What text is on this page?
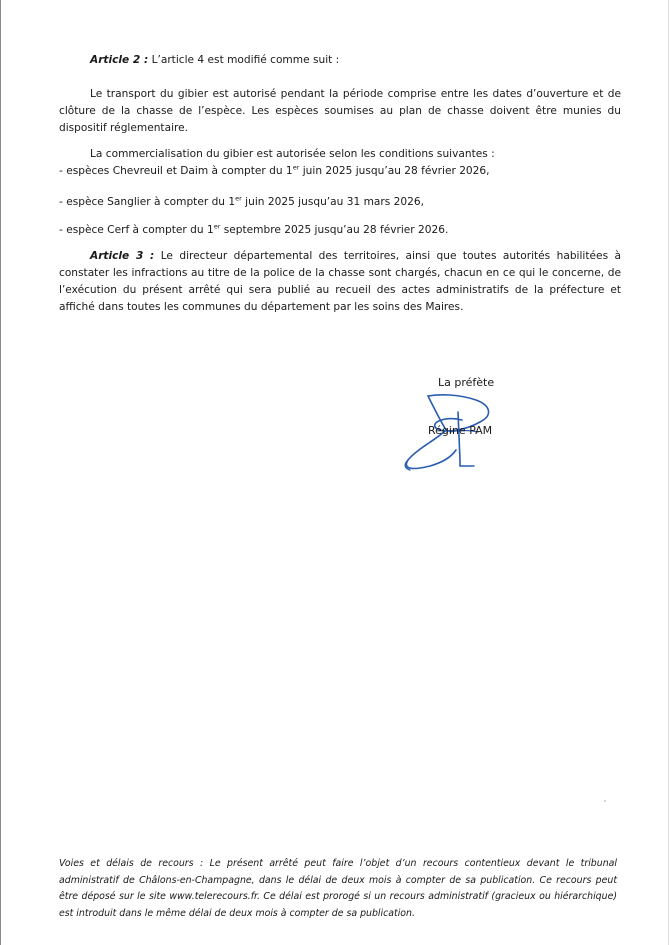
Article 2 : L’article 4 est modifié comme suit :

Le transport du gibier est autorisé pendant la période comprise entre les dates d’ouverture et de clôture de la chasse de l’espèce. Les espèces soumises au plan de chasse doivent être munies du dispositif réglementaire.

La commercialisation du gibier est autorisée selon les conditions suivantes :

- espèces Chevreuil et Daim à compter du 1er juin 2025 jusqu’au 28 février 2026,

- espèce Sanglier à compter du 1er juin 2025 jusqu’au 31 mars 2026,

- espèce Cerf à compter du 1er septembre 2025 jusqu’au 28 février 2026.

Article 3 : Le directeur départemental des territoires, ainsi que toutes autorités habilitées à constater les infractions au titre de la police de la chasse sont chargés, chacun en ce qui le concerne, de l’exécution du présent arrêté qui sera publié au recueil des actes administratifs de la préfecture et affiché dans toutes les communes du département par les soins des Maires.

La préfète
Régine PAM

Voies et délais de recours : Le présent arrêté peut faire l’objet d’un recours contentieux devant le tribunal administratif de Châlons-en-Champagne, dans le délai de deux mois à compter de sa publication. Ce recours peut être déposé sur le site www.telerecours.fr. Ce délai est prorogé si un recours administratif (gracieux ou hiérarchique) est introduit dans le même délai de deux mois à compter de sa publication.
